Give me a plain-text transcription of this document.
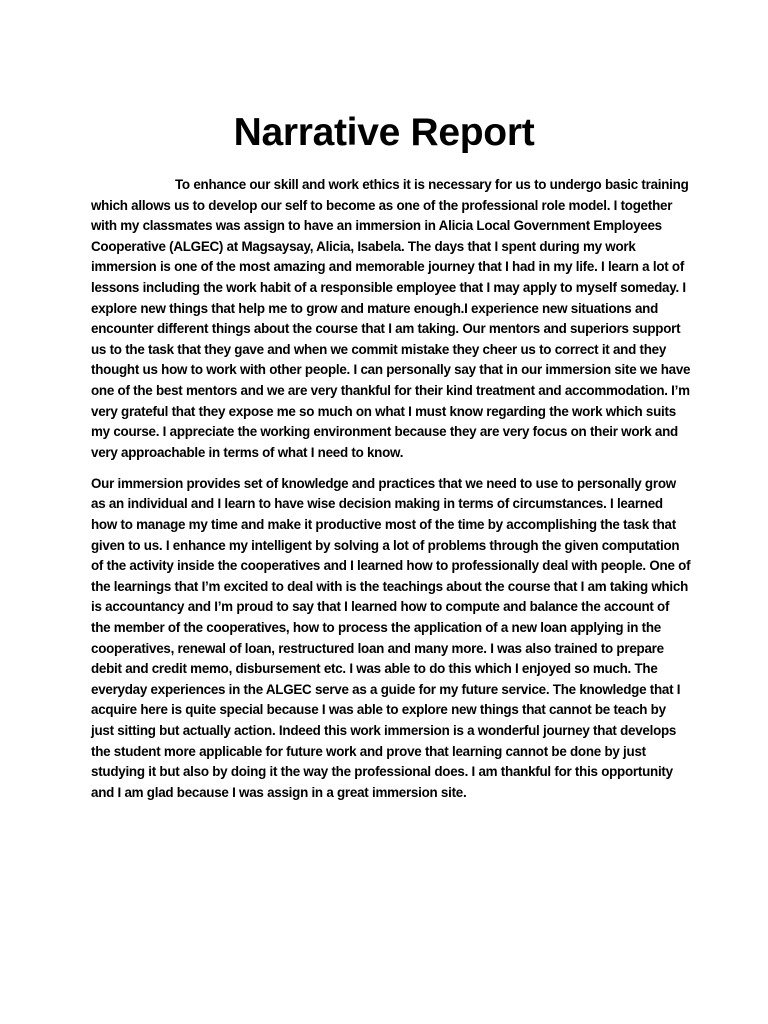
Narrative Report

To enhance our skill and work ethics it is necessary for us to undergo basic training which allows us to develop our self to become as one of the professional role model. I together with my classmates was assign to have an immersion in Alicia Local Government Employees Cooperative (ALGEC) at Magsaysay, Alicia, Isabela. The days that I spent during my work immersion is one of the most amazing and memorable journey that I had in my life. I learn a lot of lessons including the work habit of a responsible employee that I may apply to myself someday. I explore new things that help me to grow and mature enough.I experience new situations and encounter different things about the course that I am taking. Our mentors and superiors support us to the task that they gave and when we commit mistake they cheer us to correct it and they thought us how to work with other people. I can personally say that in our immersion site we have one of the best mentors and we are very thankful for their kind treatment and accommodation. I’m very grateful that they expose me so much on what I must know regarding the work which suits my course. I appreciate the working environment because they are very focus on their work and very approachable in terms of what I need to know.

Our immersion provides set of knowledge and practices that we need to use to personally grow as an individual and I learn to have wise decision making in terms of circumstances. I learned how to manage my time and make it productive most of the time by accomplishing the task that given to us. I enhance my intelligent by solving a lot of problems through the given computation of the activity inside the cooperatives and I learned how to professionally deal with people. One of the learnings that I’m excited to deal with is the teachings about the course that I am taking which is accountancy and I’m proud to say that I learned how to compute and balance the account of the member of the cooperatives, how to process the application of a new loan applying in the cooperatives, renewal of loan, restructured loan and many more. I was also trained to prepare debit and credit memo, disbursement etc. I was able to do this which I enjoyed so much. The everyday experiences in the ALGEC serve as a guide for my future service. The knowledge that I acquire here is quite special because I was able to explore new things that cannot be teach by just sitting but actually action. Indeed this work immersion is a wonderful journey that develops the student more applicable for future work and prove that learning cannot be done by just studying it but also by doing it the way the professional does. I am thankful for this opportunity and I am glad because I was assign in a great immersion site.
